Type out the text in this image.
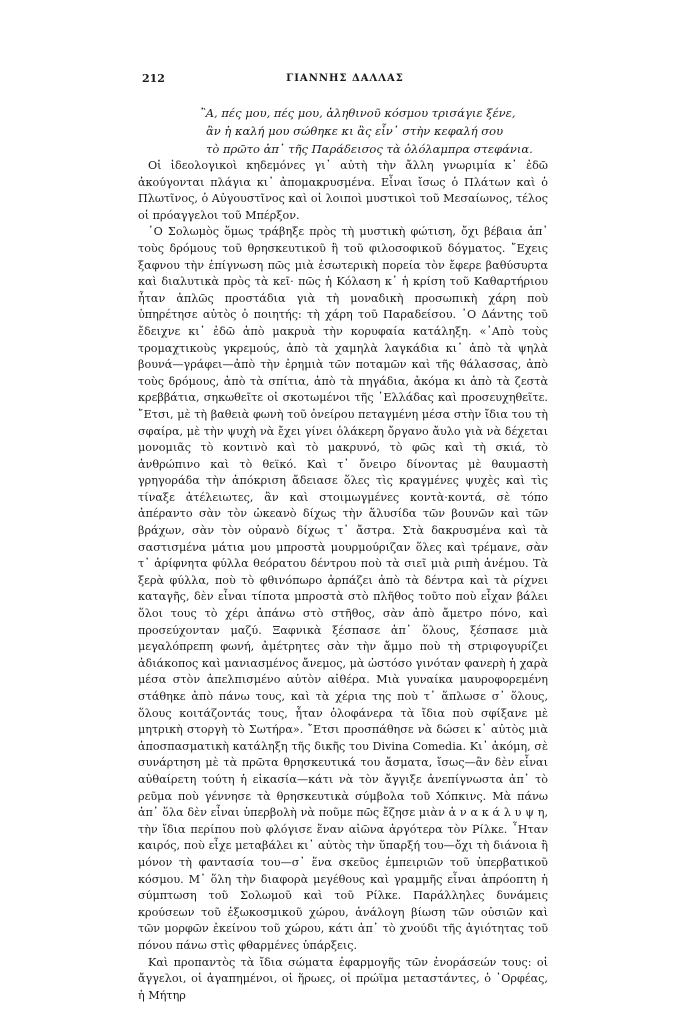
212	ΓΙΑΝΝΗΣ ΔΑΛΛΑΣ
῍Α, πές μου, πές μου, ἀληθινοῦ κόσμου τρισάγιε ξένε,
ἂν ἡ καλή μου σώθηκε κι ἂς εἶν᾿ στὴν κεφαλή σου
τὸ πρῶτο ἀπ᾿ τῆς Παράδεισος τὰ ὁλόλαμπρα στεφάνια.

Οἱ ἰδεολογικοὶ κηδεμόνες γι᾿ αὐτὴ τὴν ἄλλη γνωριμία κ᾿ ἐδῶ ἀκούγονται πλάγια κι᾿ ἀπομακρυσμένα. Εἶναι ἴσως ὁ Πλάτων καὶ ὁ Πλωτῖνος, ὁ Αὐγουστῖνος καὶ οἱ λοιποὶ μυστικοὶ τοῦ Μεσαίωνος, τέλος οἱ πρόαγγελοι τοῦ Μπέρξον.

῾Ο Σολωμὸς ὅμως τράβηξε πρὸς τὴ μυστικὴ φώτιση, ὄχι βέβαια ἀπ᾿ τοὺς δρόμους τοῦ θρησκευτικοῦ ἢ τοῦ φιλοσοφικοῦ δόγματος. ῎Εχεις ξαφνου τὴν ἐπίγνωση πῶς μιὰ ἐσωτερικὴ πορεία τὸν ἔφερε βαθύσυρτα καὶ διαλυτικὰ πρὸς τὰ κεῖ· πῶς ἡ Κόλαση κ᾿ ἡ κρίση τοῦ Καθαρτήριου ἦταν ἁπλῶς προστάδια γιὰ τὴ μοναδικὴ προσωπικὴ χάρη ποὺ ὑπηρέτησε αὐτὸς ὁ ποιητής: τὴ χάρη τοῦ Παραδείσου. ῾Ο Δάντης τοῦ ἔδειχνε κι᾿ ἐδῶ ἀπὸ μακρυὰ τὴν κορυφαία κατάληξη. «᾿Απὸ τοὺς τρομαχτικοὺς γκρεμούς, ἀπὸ τὰ χαμηλὰ λαγκάδια κι᾿ ἀπὸ τὰ ψηλὰ βουνά—γράφει—ἀπὸ τὴν ἐρημιὰ τῶν ποταμῶν καὶ τῆς θάλασσας, ἀπὸ τοὺς δρόμους, ἀπὸ τὰ σπίτια, ἀπὸ τὰ πηγάδια, ἀκόμα κι ἀπὸ τὰ ζεστὰ κρεββάτια, σηκωθεῖτε οἱ σκοτωμένοι τῆς ῾Ελλάδας καὶ προσευχηθεῖτε. ῎Ετσι, μὲ τὴ βαθειὰ φωνὴ τοῦ ὀνείρου πεταγμένη μέσα στὴν ἴδια του τὴ σφαίρα, μὲ τὴν ψυχὴ νὰ ἔχει γίνει ὁλάκερη ὄργανο ἄυλο γιὰ νὰ δέχεται μονομιᾶς τὸ κοντινὸ καὶ τὸ μακρυνό, τὸ φῶς καὶ τὴ σκιά, τὸ ἀνθρώπινο καὶ τὸ θεϊκό. Καὶ τ᾿ ὄνειρο δίνοντας μὲ θαυμαστὴ γρηγοράδα τὴν ἀπόκριση ἄδειασε ὅλες τὶς κραγμένες ψυχὲς καὶ τὶς τίναξε ἀτέλειωτες, ἂν καὶ στοιμωγμένες κοντὰ·κοντά, σὲ τόπο ἀπέραντο σὰν τὸν ὠκεανὸ δίχως τὴν ἅλυσίδα τῶν βουνῶν καὶ τῶν βράχων, σὰν τὸν οὐρανὸ δίχως τ᾿ ἄστρα. Στὰ δακρυσμένα καὶ τὰ σαστισμένα μάτια μου μπροστὰ μουρμούριζαν ὅλες καὶ τρέμανε, σὰν τ᾿ ἀρίφνητα φύλλα θεόρατου δέντρου ποὺ τὰ σιεῖ μιὰ ριπὴ ἀνέμου. Τὰ ξερὰ φύλλα, ποὺ τὸ φθινόπωρο ἁρπάζει ἀπὸ τὰ δέντρα καὶ τὰ ρίχνει καταγῆς, δὲν εἶναι τίποτα μπροστὰ στὸ πλῆθος τοῦτο ποὺ εἶχαν βάλει ὅλοι τους τὸ χέρι ἀπάνω στὸ στῆθος, σὰν ἀπὸ ἄμετρο πόνο, καὶ προσεύχονταν μαζύ. Ξαφνικὰ ξέσπασε ἀπ᾿ ὅλους, ξέσπασε μιὰ μεγαλόπρεπη φωνή, ἀμέτρητες σὰν τὴν ἄμμο ποὺ τὴ στριφογυρίζει ἀδιάκοπος καὶ μανιασμένος ἄνεμος, μὰ ὡστόσο γινόταν φανερὴ ἡ χαρὰ μέσα στὸν ἀπελπισμένο αὐτὸν αἰθέρα. Μιὰ γυναίκα μαυροφορεμένη στάθηκε ἀπὸ πάνω τους, καὶ τὰ χέρια της ποὺ τ᾿ ἅπλωσε σ᾿ ὅλους, ὅλους κοιτάζοντάς τους, ἦταν ὁλοφάνερα τὰ ἴδια ποὺ σφίξανε μὲ μητρικὴ στοργὴ τὸ Σωτήρα». ῎Ετσι προσπάθησε νὰ δώσει κ᾿ αὐτὸς μιὰ ἀποσπασματικὴ κατάληξη τῆς δικῆς του Divina Comedia. Κι᾿ ἀκόμη, σὲ συνάρτηση μὲ τὰ πρῶτα θρησκευτικά του ἄσματα, ἴσως—ἂν δὲν εἶναι αὐθαίρετη τούτη ἡ εἰκασία—κάτι νὰ τὸν ἄγγιξε ἀνεπίγνωστα ἀπ᾿ τὸ ρεῦμα ποὺ γέννησε τὰ θρησκευτικὰ σύμβολα τοῦ Χόπκινς. Μὰ πάνω ἀπ᾿ ὅλα δὲν εἶναι ὑπερβολὴ νὰ ποῦμε πῶς ἔζησε μιὰν ἀ ν α κ ά λ υ ψ η, τὴν ἴδια περίπου ποὺ φλόγισε ἕναν αἰῶνα ἀργότερα τὸν Ρίλκε. ῏Ηταν καιρός, ποὺ εἶχε μεταβάλει κι᾿ αὐτὸς τὴν ὕπαρξή του—ὄχι τὴ διάνοια ἢ μόνον τὴ φαντασία του—σ᾿ ἕνα σκεῦος ἐμπειριῶν τοῦ ὑπερβατικοῦ κόσμου. Μ᾿ ὅλη τὴν διαφορὰ μεγέθους καὶ γραμμῆς εἶναι ἀπρόοπτη ἡ σύμπτωση τοῦ Σολωμοῦ καὶ τοῦ Ρίλκε. Παράλληλες δυνάμεις κρούσεων τοῦ ἐξωκοσμικοῦ χώρου, ἀνάλογη βίωση τῶν οὐσιῶν καὶ τῶν μορφῶν ἐκείνου τοῦ χώρου, κάτι ἀπ᾿ τὸ χνούδι τῆς ἁγιότητας τοῦ πόνου πάνω στὶς φθαρμένες ὑπάρξεις.

Καὶ προπαντὸς τὰ ἴδια σώματα ἐφαρμογῆς τῶν ἐνοράσεών τους: οἱ ἄγγελοι, οἱ ἀγαπημένοι, οἱ ἥρωες, οἱ πρώϊμα μεταστάντες, ὁ ᾿Ορφέας, ἡ Μήτηρ
